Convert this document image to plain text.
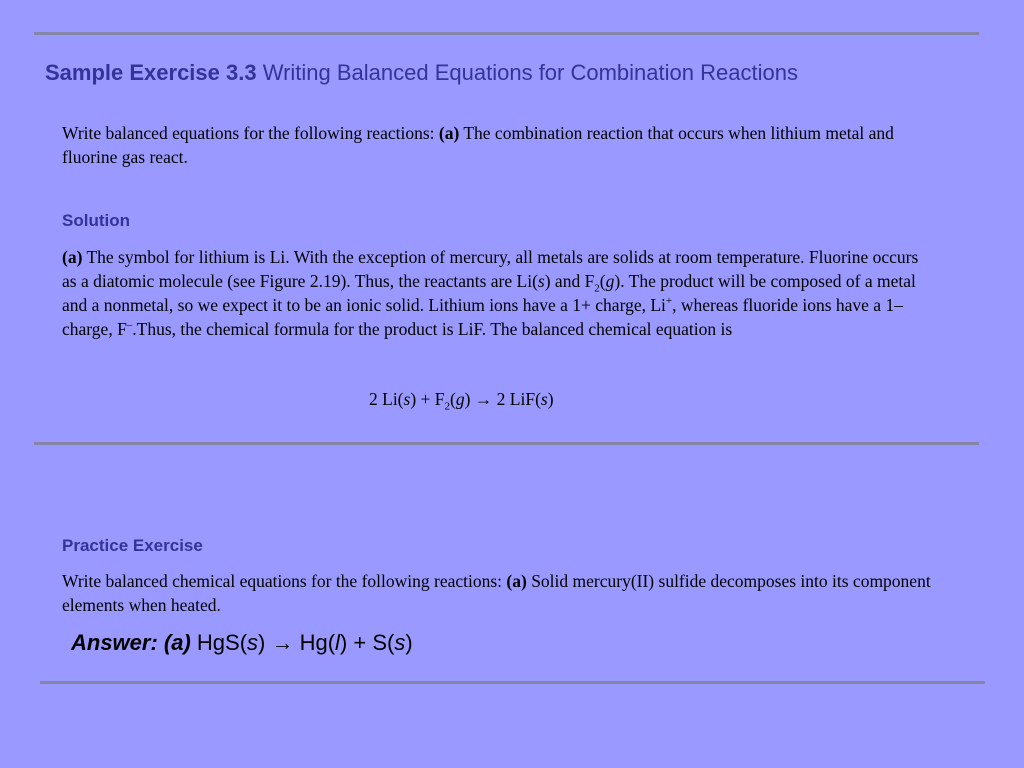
Sample Exercise 3.3 Writing Balanced Equations for Combination Reactions
Write balanced equations for the following reactions: (a) The combination reaction that occurs when lithium metal and fluorine gas react.
Solution
(a) The symbol for lithium is Li. With the exception of mercury, all metals are solids at room temperature. Fluorine occurs as a diatomic molecule (see Figure 2.19). Thus, the reactants are Li(s) and $F_2(g)$. The product will be composed of a metal and a nonmetal, so we expect it to be an ionic solid. Lithium ions have a 1+ charge, Li+, whereas fluoride ions have a 1– charge, F–.Thus, the chemical formula for the product is LiF. The balanced chemical equation is
2 $Li(s) + F_2(g) \to 2$ LiF(s)
Practice Exercise
Write balanced chemical equations for the following reactions: (a) Solid mercury(II) sulfide decomposes into its component elements when heated.
Answer: (a) HgS(s) → Hg(l) + S(s)
